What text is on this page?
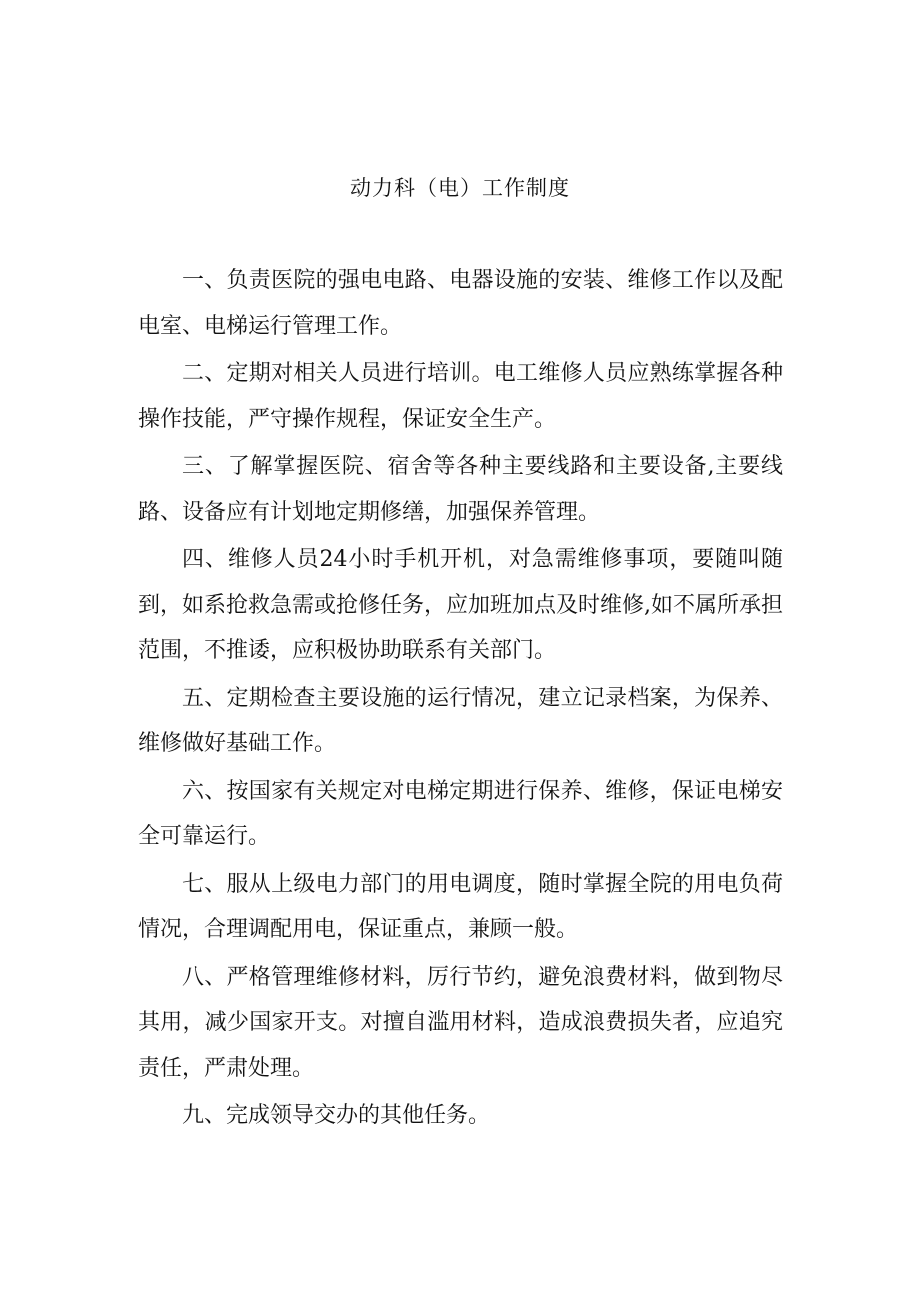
动力科（电）工作制度

一、负责医院的强电电路、电器设施的安装、维修工作以及配电室、电梯运行管理工作。

二、定期对相关人员进行培训。电工维修人员应熟练掌握各种操作技能，严守操作规程，保证安全生产。

三、了解掌握医院、宿舍等各种主要线路和主要设备,主要线路、设备应有计划地定期修缮，加强保养管理。

四、维修人员24小时手机开机，对急需维修事项，要随叫随到，如系抢救急需或抢修任务，应加班加点及时维修,如不属所承担范围，不推诿，应积极协助联系有关部门。

五、定期检查主要设施的运行情况，建立记录档案，为保养、维修做好基础工作。

六、按国家有关规定对电梯定期进行保养、维修，保证电梯安全可靠运行。

七、服从上级电力部门的用电调度，随时掌握全院的用电负荷情况，合理调配用电，保证重点，兼顾一般。

八、严格管理维修材料，厉行节约，避免浪费材料，做到物尽其用，减少国家开支。对擅自滥用材料，造成浪费损失者，应追究责任，严肃处理。

九、完成领导交办的其他任务。
